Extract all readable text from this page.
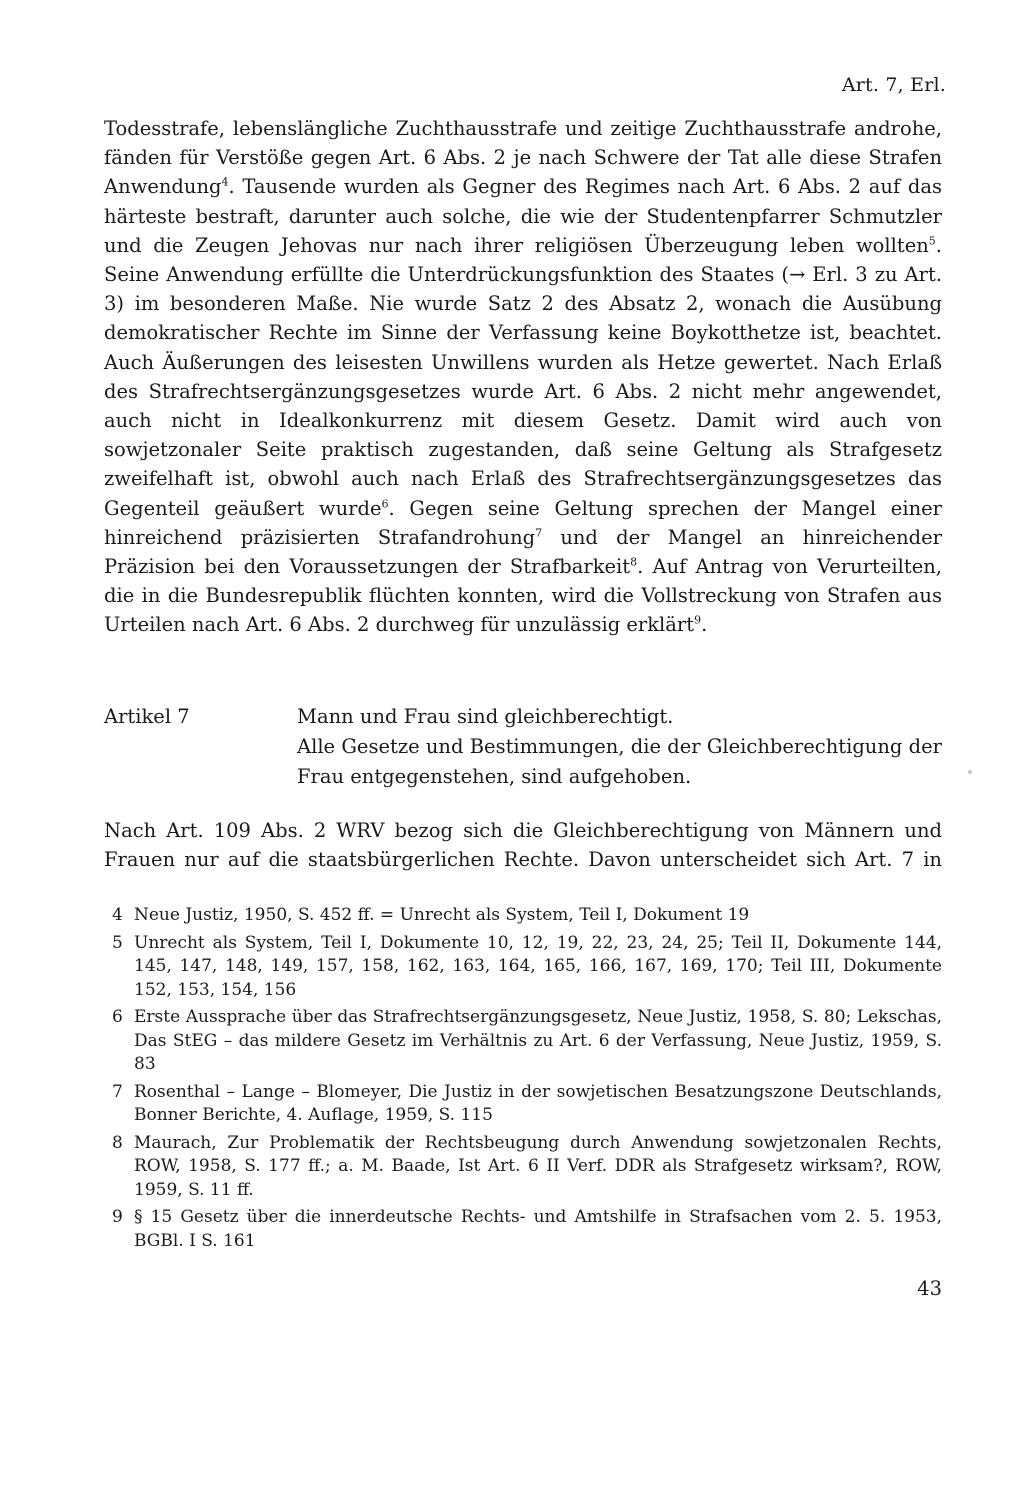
Art. 7, Erl.

Todesstrafe, lebenslängliche Zuchthausstrafe und zeitige Zuchthausstrafe androhe, fänden für Verstöße gegen Art. 6 Abs. 2 je nach Schwere der Tat alle diese Strafen Anwendung$^4$. Tausende wurden als Gegner des Regimes nach Art. 6 Abs. 2 auf das härteste bestraft, darunter auch solche, die wie der Studentenpfarrer Schmutzler und die Zeugen Jehovas nur nach ihrer religiösen Überzeugung leben wollten$^5$. Seine Anwendung erfüllte die Unterdrückungsfunktion des Staates (→ Erl. 3 zu Art. 3) im besonderen Maße. Nie wurde Satz 2 des Absatz 2, wonach die Ausübung demokratischer Rechte im Sinne der Verfassung keine Boykotthetze ist, beachtet. Auch Äußerungen des leisesten Unwillens wurden als Hetze gewertet. Nach Erlaß des Strafrechtsergänzungsgesetzes wurde Art. 6 Abs. 2 nicht mehr angewendet, auch nicht in Idealkonkurrenz mit diesem Gesetz. Damit wird auch von sowjetzonaler Seite praktisch zugestanden, daß seine Geltung als Strafgesetz zweifelhaft ist, obwohl auch nach Erlaß des Strafrechtsergänzungsgesetzes das Gegenteil geäußert wurde$^6$. Gegen seine Geltung sprechen der Mangel einer hinreichend präzisierten Strafandrohung$^7$ und der Mangel an hinreichender Präzision bei den Voraussetzungen der Strafbarkeit$^8$. Auf Antrag von Verurteilten, die in die Bundesrepublik flüchten konnten, wird die Vollstreckung von Strafen aus Urteilen nach Art. 6 Abs. 2 durchweg für unzulässig erklärt$^9$.

Artikel 7	Mann und Frau sind gleichberechtigt.
Alle Gesetze und Bestimmungen, die der Gleichberechtigung der
Frau entgegenstehen, sind aufgehoben.

Nach Art. 109 Abs. 2 WRV bezog sich die Gleichberechtigung von Männern und Frauen nur auf die staatsbürgerlichen Rechte. Davon unterscheidet sich Art. 7 in

4 Neue Justiz, 1950, S. 452 ff. = Unrecht als System, Teil I, Dokument 19
5 Unrecht als System, Teil I, Dokumente 10, 12, 19, 22, 23, 24, 25; Teil II, Dokumente 144, 145, 147, 148, 149, 157, 158, 162, 163, 164, 165, 166, 167, 169, 170; Teil III, Dokumente 152, 153, 154, 156
6 Erste Aussprache über das Strafrechtsergänzungsgesetz, Neue Justiz, 1958, S. 80; Lekschas, Das StEG – das mildere Gesetz im Verhältnis zu Art. 6 der Verfassung, Neue Justiz, 1959, S. 83
7 Rosenthal – Lange – Blomeyer, Die Justiz in der sowjetischen Besatzungszone Deutschlands, Bonner Berichte, 4. Auflage, 1959, S. 115
8 Maurach, Zur Problematik der Rechtsbeugung durch Anwendung sowjetzonalen Rechts, ROW, 1958, S. 177 ff.; a. M. Baade, Ist Art. 6 II Verf. DDR als Strafgesetz wirksam?, ROW, 1959, S. 11 ff.
9 § 15 Gesetz über die innerdeutsche Rechts- und Amtshilfe in Strafsachen vom 2. 5. 1953, BGBl. I S. 161
43
